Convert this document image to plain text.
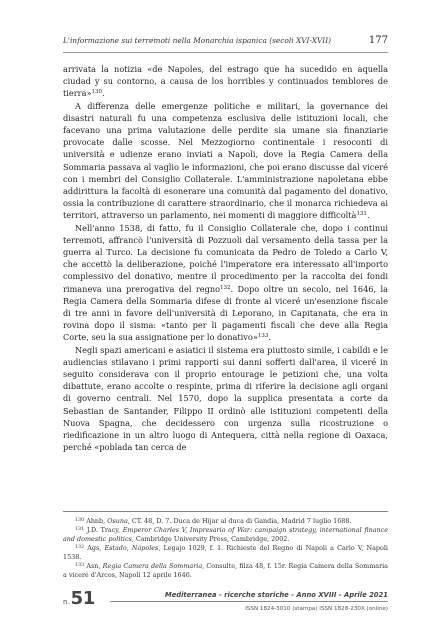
L'informazione sui terremoti nella Monarchia ispanica (secoli XVI-XVII)	177

arrivata la notizia «de Napoles, del estrago que ha sucedido en aquella ciudad y su contorno, a causa de los horribles y continuados temblores de tierra»$^{130}$.

A differenza delle emergenze politiche e militari, la governance dei disastri naturali fu una competenza esclusiva delle istituzioni locali, che facevano una prima valutazione delle perdite sia umane sia finanziarie provocate dalle scosse. Nel Mezzogiorno continentale i resoconti di università e udienze erano inviati a Napoli, dove la Regia Camera della Sommaria passava al vaglio le informazioni, che poi erano discusse dal viceré con i membri del Consiglio Collaterale. L'amministrazione napoletana ebbe addirittura la facoltà di esonerare una comunità dal pagamento del donativo, ossia la contribuzione di carattere straordinario, che il monarca richiedeva ai territori, attraverso un parlamento, nei momenti di maggiore difficoltà$^{131}$.

Nell'anno 1538, di fatto, fu il Consiglio Collaterale che, dopo i continui terremoti, affrancò l'università di Pozzuoli dal versamento della tassa per la guerra al Turco. La decisione fu comunicata da Pedro de Toledo a Carlo V, che accettò la deliberazione, poiché l'imperatore era interessato all'importo complessivo del donativo, mentre il procedimento per la raccolta dei fondi rimaneva una prerogativa del regno$^{132}$. Dopo oltre un secolo, nel 1646, la Regia Camera della Sommaria difese di fronte al viceré un'esenzione fiscale di tre anni in favore dell'università di Leporano, in Capitanata, che era in rovina dopo il sisma: «tanto per li pagamenti fiscali che deve alla Regia Corte, seu la sua assignatione per lo donativo»$^{133}$.

Negli spazi americani e asiatici il sistema era piuttosto simile, i cabildi e le audiencias stilavano i primi rapporti sui danni sofferti dall'area, il viceré in seguito considerava con il proprio entourage le petizioni che, una volta dibattute, erano accolte o respinte, prima di riferire la decisione agli organi di governo centrali. Nel 1570, dopo la supplica presentata a corte da Sebastian de Santander, Filippo II ordinò alle istituzioni competenti della Nuova Spagna, che decidessero con urgenza sulla ricostruzione o riedificazione in un altro luogo di Antequera, città nella regione di Oaxaca, perché «poblada tan cerca de

$^{130}$ Ahnb, Osuna, CT. 48, D. 7. Duca de Hijar al duca di Gandia, Madrid 7 luglio 1688.

$^{131}$ J.D. Tracy, Emperor Charles V, Impresario of War: campaign strategy, international finance and domestic politics, Cambridge University Press, Cambridge, 2002.

$^{132}$ Ags, Estado, Nápoles, Legajo 1029, f. 1. Richieste del Regno di Napoli a Carlo V, Napoli 1538.

$^{133}$ Asn, Regia Camera della Sommaria, Consulte, filza 48, f. 15r. Regia Camera della Sommaria a viceré d'Arcos, Napoli 12 aprile 1646.

n.51	Mediterranea - ricerche storiche - Anno XVIII - Aprile 2021
ISSN 1824-3010 (stampa) ISSN 1828-230X (online)
